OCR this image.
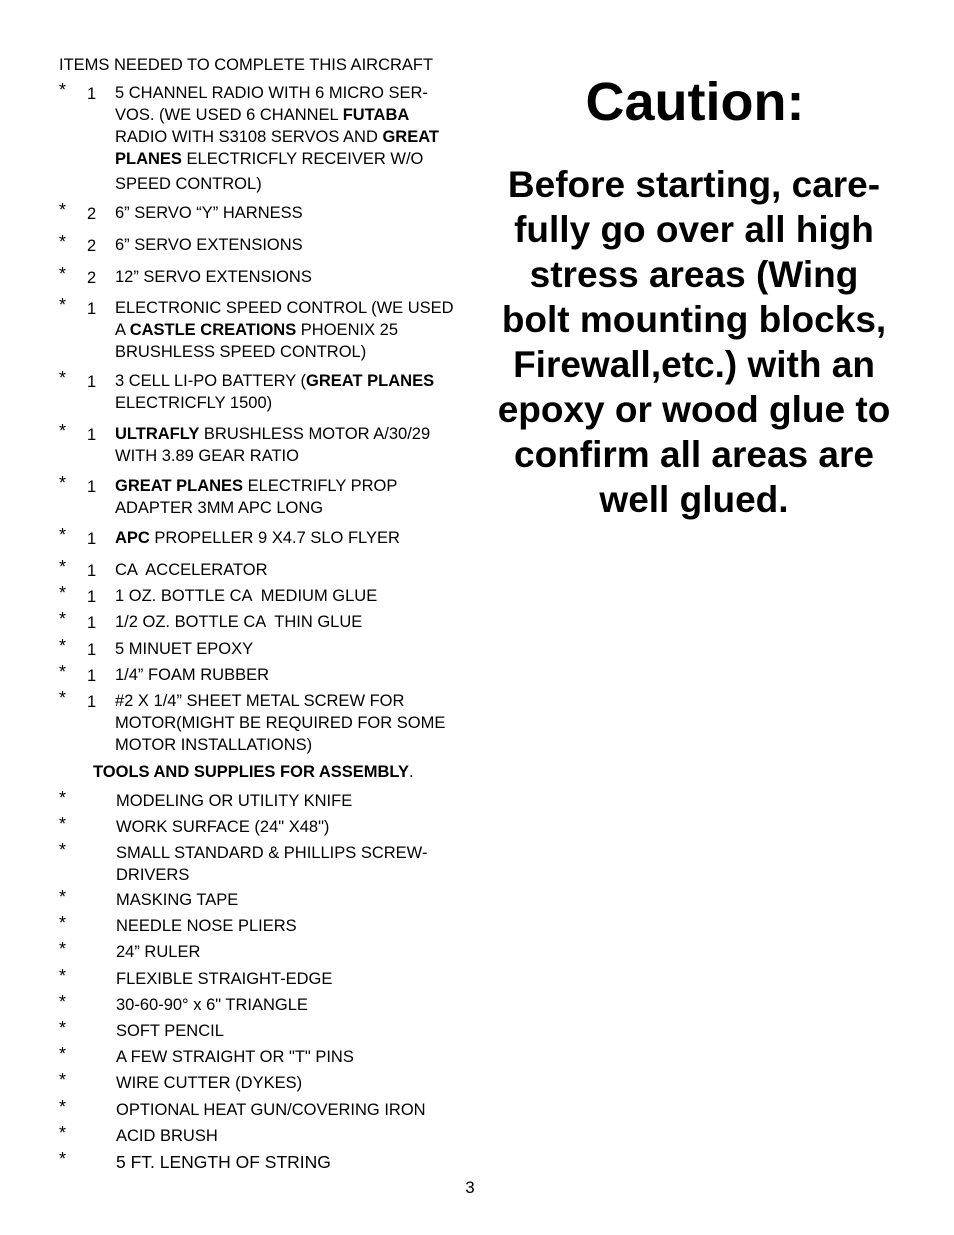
ITEMS NEEDED TO COMPLETE THIS AIRCRAFT
* 1 5 CHANNEL RADIO WITH 6 MICRO SER-
VOS. (WE USED 6 CHANNEL FUTABA
RADIO WITH S3108 SERVOS AND GREAT PLANES ELECTRICFLY RECEIVER W/O
SPEED CONTROL)
* 2 6” SERVO “Y” HARNESS
* 2 6” SERVO EXTENSIONS
* 2 12” SERVO EXTENSIONS
* 1 ELECTRONIC SPEED CONTROL (WE USED A CASTLE CREATIONS PHOENIX 25 BRUSHLESS SPEED CONTROL)
* 1 3 CELL LI-PO BATTERY (GREAT PLANES ELECTRICFLY 1500)
* 1 ULTRAFLY BRUSHLESS MOTOR A/30/29 WITH 3.89 GEAR RATIO
* 1 GREAT PLANES ELECTRIFLY PROP ADAPTER 3MM APC LONG
* 1 APC PROPELLER 9 X4.7 SLO FLYER
* 1 CA  ACCELERATOR
* 1 1 OZ. BOTTLE CA  MEDIUM GLUE
* 1 1/2 OZ. BOTTLE CA  THIN GLUE
* 1 5 MINUET EPOXY
* 1 1/4” FOAM RUBBER
* 1 #2 X 1/4” SHEET METAL SCREW FOR MOTOR(MIGHT BE REQUIRED FOR SOME MOTOR INSTALLATIONS)
TOOLS AND SUPPLIES FOR ASSEMBLY.
*	MODELING OR UTILITY KNIFE
*	WORK SURFACE (24" X48")
*	SMALL STANDARD & PHILLIPS SCREW-DRIVERS
*	MASKING TAPE
*	NEEDLE NOSE PLIERS
*	24” RULER
*	FLEXIBLE STRAIGHT-EDGE
*	30-60-90° x 6" TRIANGLE
*	SOFT PENCIL
*	A FEW STRAIGHT OR "T" PINS
*	WIRE CUTTER (DYKES)
*	OPTIONAL HEAT GUN/COVERING IRON
*	ACID BRUSH
*	5 FT. LENGTH OF STRING
Caution:
Before starting, care-
fully go over all high
stress areas (Wing
bolt mounting blocks,
Firewall,etc.) with an
epoxy or wood glue to
confirm all areas are
well glued.
3
